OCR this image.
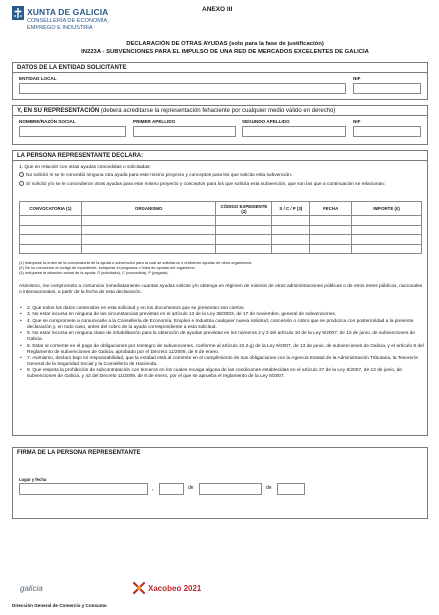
XUNTA DE GALICIA
CONSELLERÍA DE ECONOMÍA,
EMPREGO E INDUSTRIA
ANEXO III
DECLARACIÓN DE OTRAS AYUDAS (solo para la fase de justificación)
IN223A - SUBVENCIONES PARA EL IMPULSO DE UNA RED DE MERCADOS EXCELENTES DE GALICIA
DATOS DE LA ENTIDAD SOLICITANTE
ENTIDAD LOCAL	NIF
Y, EN SU REPRESENTACIÓN (deberá acreditarse la representación fehaciente por cualquier medio válido en derecho)
NOMBRE/RAZÓN SOCIAL	PRIMER APELLIDO	SEGUNDO APELLIDO	NIF
LA PERSONA REPRESENTANTE DECLARA:
1. Que en relación con otras ayudas concedidas o solicitadas:
No solicitó ni se le concedió ninguna otra ayuda para este mismo proyecto y conceptos para los que solicita esta subvención.
Sí solicitó y/o se le concedieron otras ayudas para este mismo proyecto y conceptos para los que solicita esta subvención, que son las que a continuación se relacionan:
CONVOCATORIA (1)	ORGANISMO	CÓDIGO EXPEDIENTE (2)	S / C / P (3)	FECHA	IMPORTE (€)

(1) Indíquese la orden de la convocatoria de la ayuda o subvención para la cual se solicitaron o recibieron ayudas de otros organismos.
(2) De no conocerse el código de expediente, indíquese el programa o línea de ayudas del organismo.
(3) Indíquese la situación actual de la ayuda: S (solicitada), C (concedida), P (pagada).
Asimismo, me comprometo a comunicar inmediatamente cuantas ayudas solicite y/o obtenga en régimen de minimis de otras administraciones públicas o de otros entes públicos, nacionales o internacionales, a partir de la fecha de esta declaración.
• 2. Que todos los datos contenidos en esta solicitud y en los documentos que se presentan son ciertos.
• 3. No estar incursa en ninguna de las circunstancias previstas en el artículo 13 de la Ley 38/2003, de 17 de noviembre, general de subvenciones.
• 4. Que se compromete a comunicarle a la Consellería de Economía, Empleo e Industria cualquier nueva solicitud, concesión o cobro que se produzca con posterioridad a la presente declaración y, en todo caso, antes del cobro de la ayuda correspondiente a esta solicitud.
• 5. No estar incursa en ninguna clase de inhabilitación para la obtención de ayudas previstas en los números 2 y 3 del artículo 10 de la Ley 9/2007, de 13 de junio, de subvenciones de Galicia.
• 6. Estar al corriente en el pago de obligaciones por reintegro de subvenciones, conforme al artículo 10.2.g) de la Ley 9/2007, de 13 de junio, de subvenciones de Galicia, y el artículo 9 del Reglamento de subvenciones de Galicia, aprobado por el Decreto 11/2009, de 8 de enero.
• 7. Asimismo, declaro bajo mi responsabilidad, que la entidad está al corriente en el cumplimiento de sus obligaciones con la Agencia Estatal de la Administración Tributaria, la Tesorería General de la Seguridad Social y la Consellería de Hacienda.
• 8. Que respeta la prohibición de subcontratación con terceros en los cuales recaiga alguna de las condiciones establecidas en el artículo 27 de la Ley 9/2007, de 13 de junio, de subvenciones de Galicia, y 43 del Decreto 11/2009, de 8 de enero, por el que se aprueba el reglamento de la Ley 9/2007.
FIRMA DE LA PERSONA REPRESENTANTE
Lugar y fecha
,	de	de
galicia	Xacobeo 2021
Dirección General de Comercio y Consumo
